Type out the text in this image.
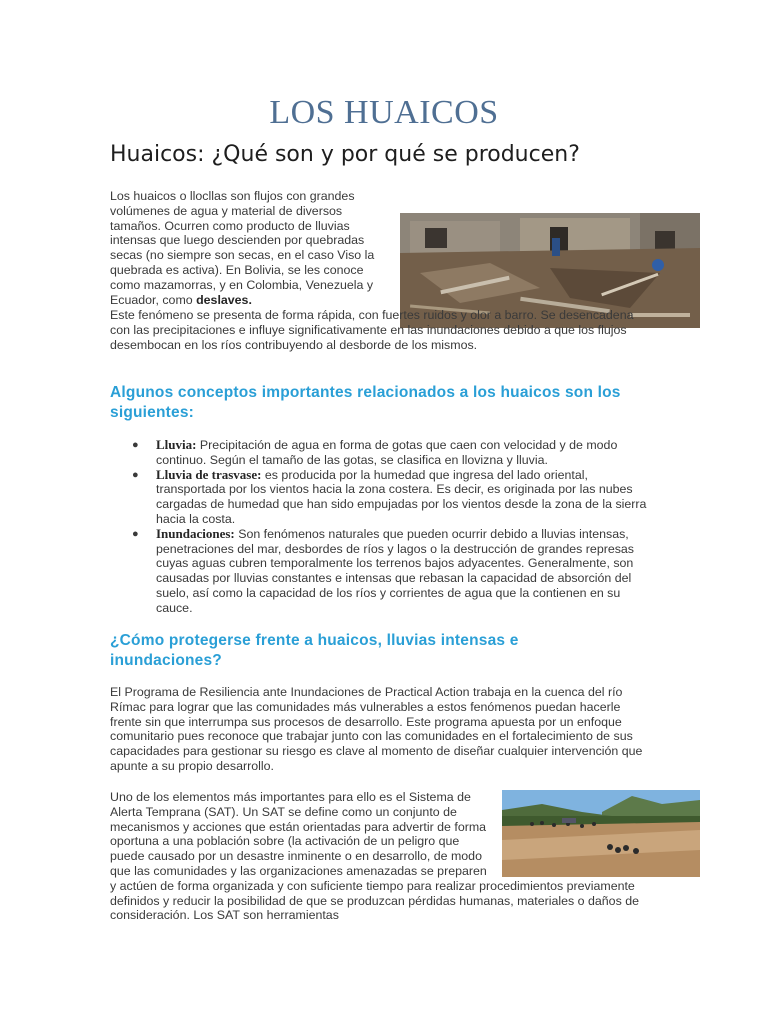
LOS HUAICOS
Huaicos: ¿Qué son y por qué se producen?
Los huaicos o llocllas son flujos con grandes volúmenes de agua y material de diversos tamaños. Ocurren como producto de lluvias intensas que luego descienden por quebradas secas (no siempre son secas, en el caso Viso la quebrada es activa). En Bolivia, se les conoce como mazamorras, y en Colombia, Venezuela y Ecuador, como deslaves.

Este fenómeno se presenta de forma rápida, con fuertes ruidos y olor a barro. Se desencadena con las precipitaciones e influye significativamente en las inundaciones debido a que los flujos desembocan en los ríos contribuyendo al desborde de los mismos.

Algunos conceptos importantes relacionados a los huaicos son los siguientes:
● Lluvia: Precipitación de agua en forma de gotas que caen con velocidad y de modo continuo. Según el tamaño de las gotas, se clasifica en llovizna y lluvia.
● Lluvia de trasvase: es producida por la humedad que ingresa del lado oriental, transportada por los vientos hacia la zona costera. Es decir, es originada por las nubes cargadas de humedad que han sido empujadas por los vientos desde la zona de la sierra hacia la costa.
● Inundaciones: Son fenómenos naturales que pueden ocurrir debido a lluvias intensas, penetraciones del mar, desbordes de ríos y lagos o la destrucción de grandes represas cuyas aguas cubren temporalmente los terrenos bajos adyacentes. Generalmente, son causadas por lluvias constantes e intensas que rebasan la capacidad de absorción del suelo, así como la capacidad de los ríos y corrientes de agua que la contienen en su cauce.
¿Cómo protegerse frente a huaicos, lluvias intensas e inundaciones?

El Programa de Resiliencia ante Inundaciones de Practical Action trabaja en la cuenca del río Rímac para lograr que las comunidades más vulnerables a estos fenómenos puedan hacerle frente sin que interrumpa sus procesos de desarrollo. Este programa apuesta por un enfoque comunitario pues reconoce que trabajar junto con las comunidades en el fortalecimiento de sus capacidades para gestionar su riesgo es clave al momento de diseñar cualquier intervención que apunte a su propio desarrollo.

Uno de los elementos más importantes para ello es el Sistema de Alerta Temprana (SAT). Un SAT se define como un conjunto de mecanismos y acciones que están orientadas para advertir de forma oportuna a una población sobre (la activación de un peligro que puede causado por un desastre inminente o en desarrollo, de modo que las comunidades y las organizaciones amenazadas se preparen y actúen de forma organizada y con suficiente tiempo para realizar procedimientos previamente definidos y reducir la posibilidad de que se produzcan pérdidas humanas, materiales o daños de consideración. Los SAT son herramientas
